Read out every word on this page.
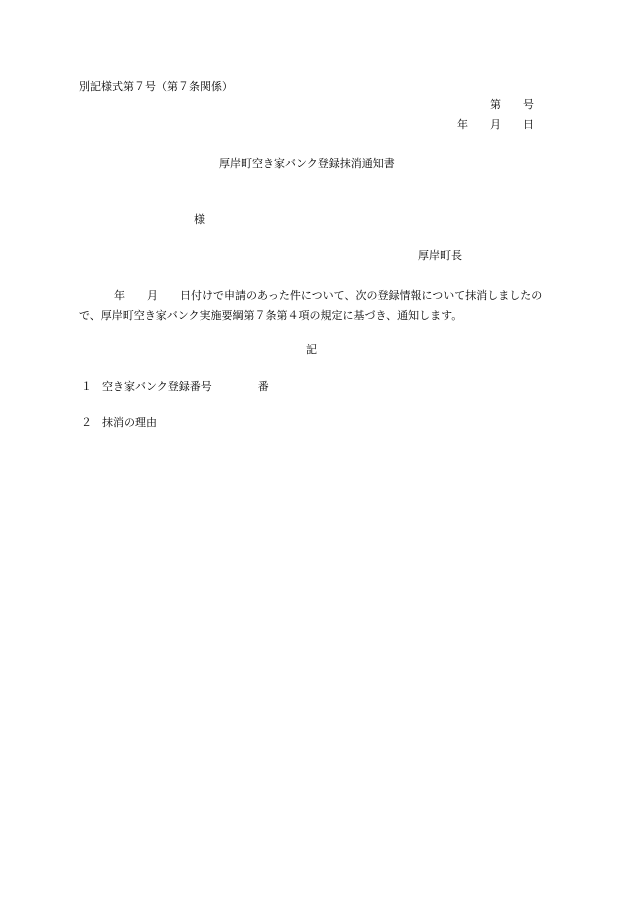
別記様式第７号（第７条関係）
第 号
年 月 日
厚岸町空き家バンク登録抹消通知書
様
厚岸町長
年 月 日付けで申請のあった件について、次の登録情報について抹消しましたので、厚岸町空き家バンク実施要綱第７条第４項の規定に基づき、通知します。
記
１ 空き家バンク登録番号	番
２ 抹消の理由
